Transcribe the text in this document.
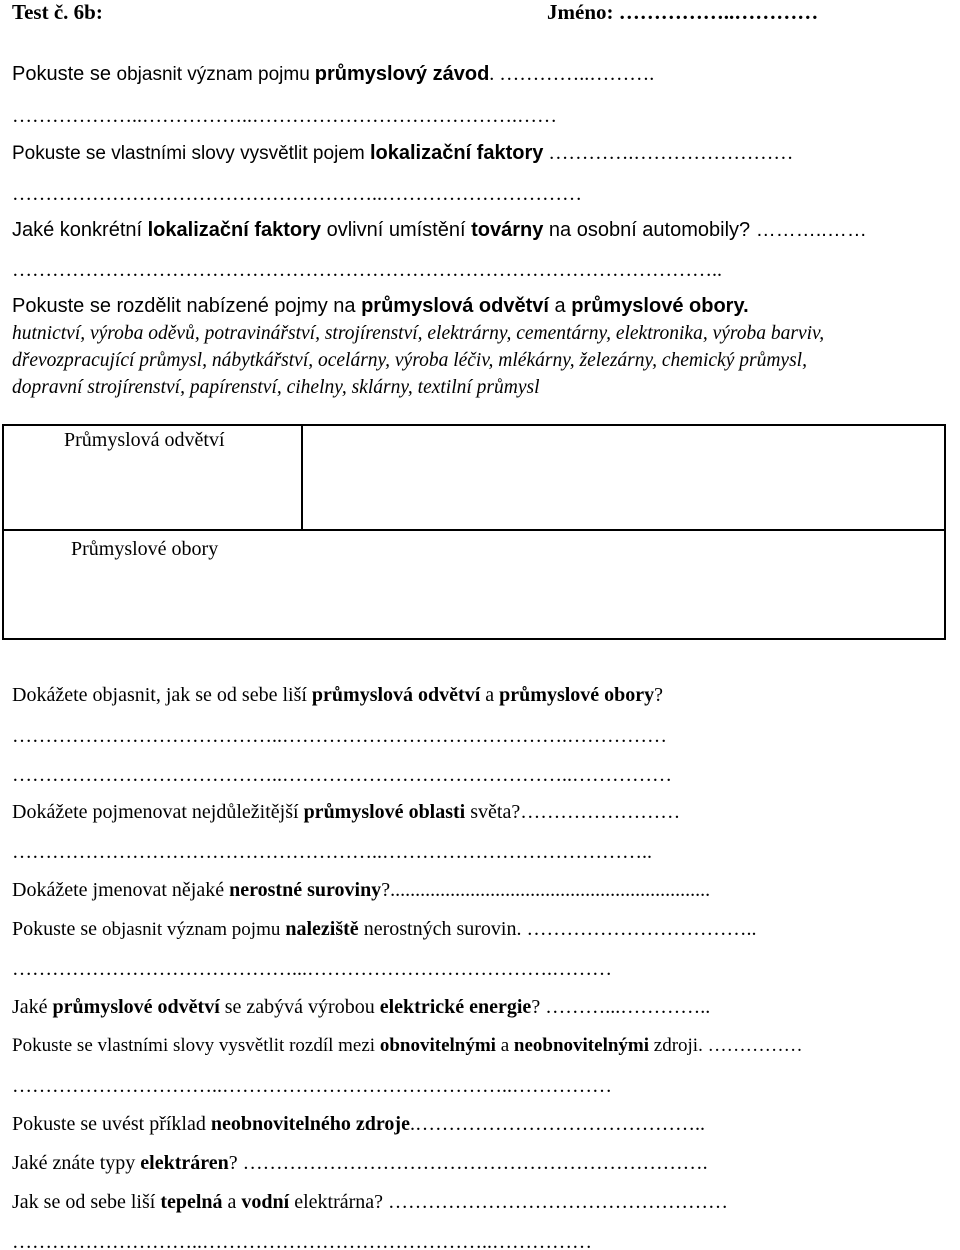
Test č. 6b:	Jméno: ……………..…………
Pokuste se objasnit význam pojmu průmyslový závod. …………..……….
………………..……………..………………………………….……
Pokuste se vlastními slovy vysvětlit pojem lokalizační faktory ………….……………………
………………………………………………..…………………………
Jaké konkrétní lokalizační faktory ovlivní umístění továrny na osobní automobily? ………..……
……………………………………………………………………………………………..
Pokuste se rozdělit nabízené pojmy na průmyslová odvětví a průmyslové obory.
hutnictví, výroba oděvů, potravinářství, strojírenství, elektrárny, cementárny, elektronika, výroba barviv,
dřevozpracující průmysl, nábytkářství, ocelárny, výroba léčiv, mlékárny, železárny, chemický průmysl,
dopravní strojírenství, papírenství, cihelny, sklárny, textilní průmysl
Průmyslová odvětví
Průmyslové obory
Dokážete objasnit, jak se od sebe liší průmyslová odvětví a průmyslové obory?
…………………………………..…………………………………….……………
…………………………………..……………………………………..……………
Dokážete pojmenovat nejdůležitější průmyslové oblasti světa?……………………
………………………………………………..…………………………………..
Dokážete jmenovat nějaké nerostné suroviny?................................................................
Pokuste se objasnit význam pojmu naleziště nerostných surovin. ……………………………..
……………………………………...……………………………….………
Jaké průmyslové odvětví se zabývá výrobou elektrické energie? ………...…………..
Pokuste se vlastními slovy vysvětlit rozdíl mezi obnovitelnými a neobnovitelnými zdroji. ……………
…………………………..……………………………………..……………
Pokuste se uvést příklad neobnovitelného zdroje.……………………………………..
Jaké znáte typy elektráren? …………………………………………………………….
Jak se od sebe liší tepelná a vodní elektrárna? ……………………………………………
………………………..……………………………………..……………
